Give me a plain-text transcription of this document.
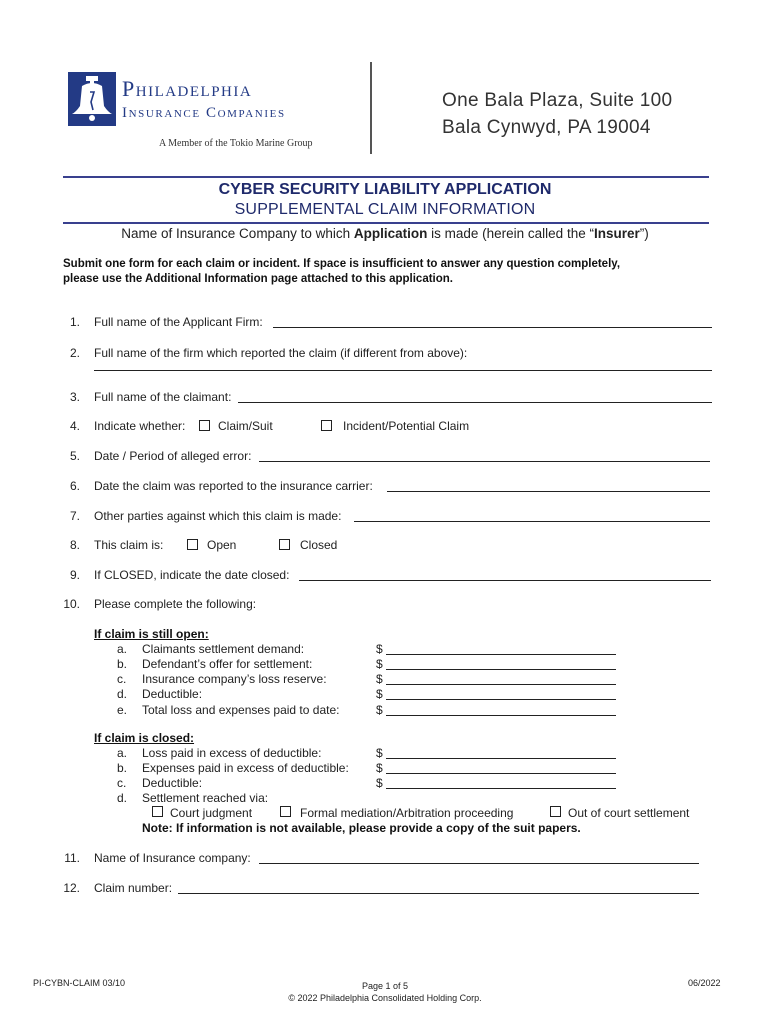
Philadelphia
Insurance Companies
A Member of the Tokio Marine Group
One Bala Plaza, Suite 100
Bala Cynwyd, PA 19004
CYBER SECURITY LIABILITY APPLICATION
SUPPLEMENTAL CLAIM INFORMATION
Name of Insurance Company to which Application is made (herein called the “Insurer”)
Submit one form for each claim or incident. If space is insufficient to answer any question completely,
please use the Additional Information page attached to this application.
1. Full name of the Applicant Firm:
2. Full name of the firm which reported the claim (if different from above):
3. Full name of the claimant:
4. Indicate whether:	Claim/Suit	Incident/Potential Claim
5. Date / Period of alleged error:
6. Date the claim was reported to the insurance carrier:
7. Other parties against which this claim is made:
8. This claim is:	Open	Closed
9. If CLOSED, indicate the date closed:
10. Please complete the following:
If claim is still open:
a. Claimants settlement demand:	$
b. Defendant’s offer for settlement:	$
c. Insurance company’s loss reserve:	$
d. Deductible:	$
e. Total loss and expenses paid to date:	$
If claim is closed:
a. Loss paid in excess of deductible:	$
b. Expenses paid in excess of deductible: $
c. Deductible:	$
d. Settlement reached via:
Court judgment	Formal mediation/Arbitration proceeding	Out of court settlement
Note: If information is not available, please provide a copy of the suit papers.
11. Name of Insurance company:
12. Claim number:
PI-CYBN-CLAIM 03/10	Page 1 of 5
© 2022 Philadelphia Consolidated Holding Corp.
06/2022
